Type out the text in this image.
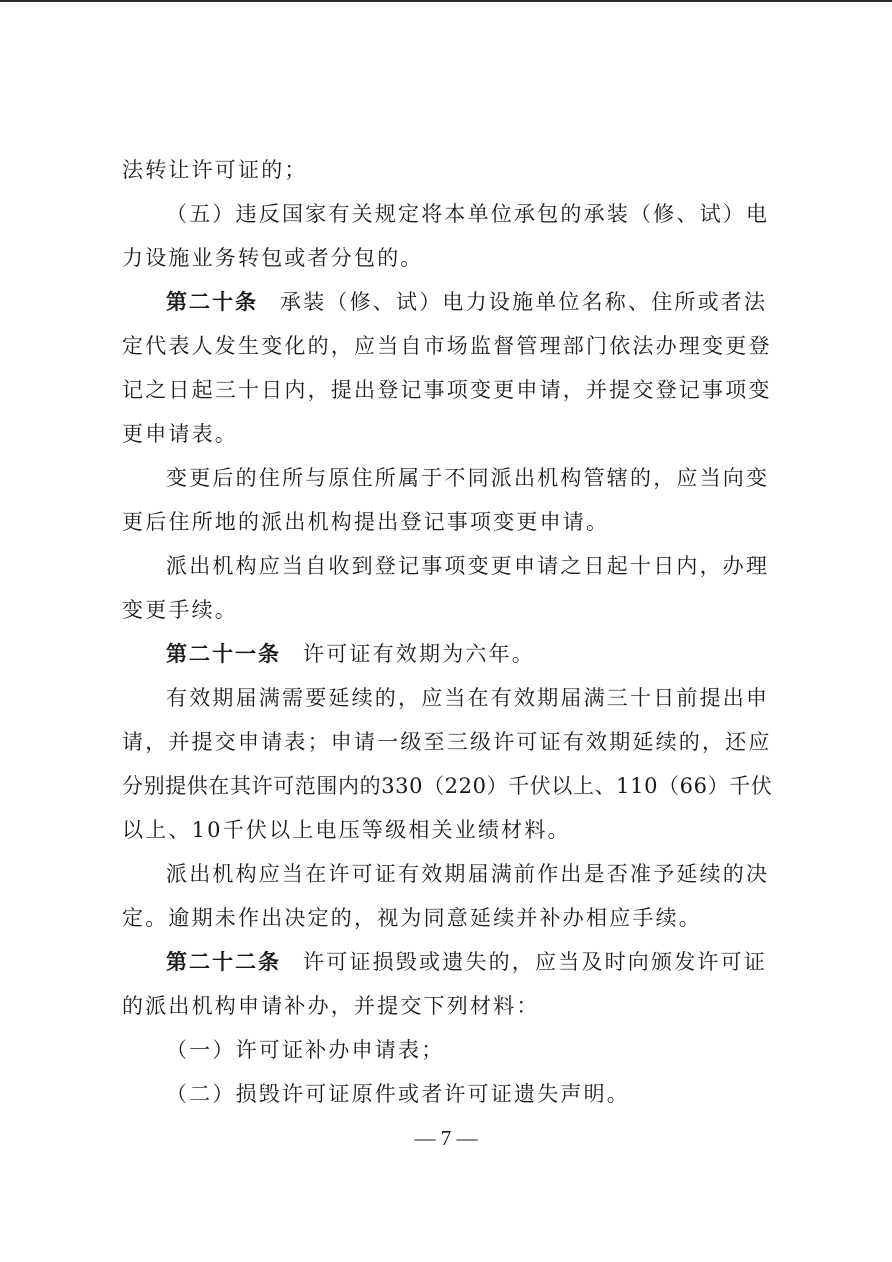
法转让许可证的；
（五）违反国家有关规定将本单位承包的承装（修、试）电
力设施业务转包或者分包的。
第二十条 承装（修、试）电力设施单位名称、住所或者法
定代表人发生变化的，应当自市场监督管理部门依法办理变更登
记之日起三十日内，提出登记事项变更申请，并提交登记事项变
更申请表。
变更后的住所与原住所属于不同派出机构管辖的，应当向变
更后住所地的派出机构提出登记事项变更申请。
派出机构应当自收到登记事项变更申请之日起十日内，办理
变更手续。
第二十一条 许可证有效期为六年。
有效期届满需要延续的，应当在有效期届满三十日前提出申
请，并提交申请表；申请一级至三级许可证有效期延续的，还应
分别提供在其许可范围内的330（220）千伏以上、110（66）千伏
以上、10千伏以上电压等级相关业绩材料。
派出机构应当在许可证有效期届满前作出是否准予延续的决
定。逾期未作出决定的，视为同意延续并补办相应手续。
第二十二条 许可证损毁或遗失的，应当及时向颁发许可证
的派出机构申请补办，并提交下列材料：
（一）许可证补办申请表；
（二）损毁许可证原件或者许可证遗失声明。
— 7 —
